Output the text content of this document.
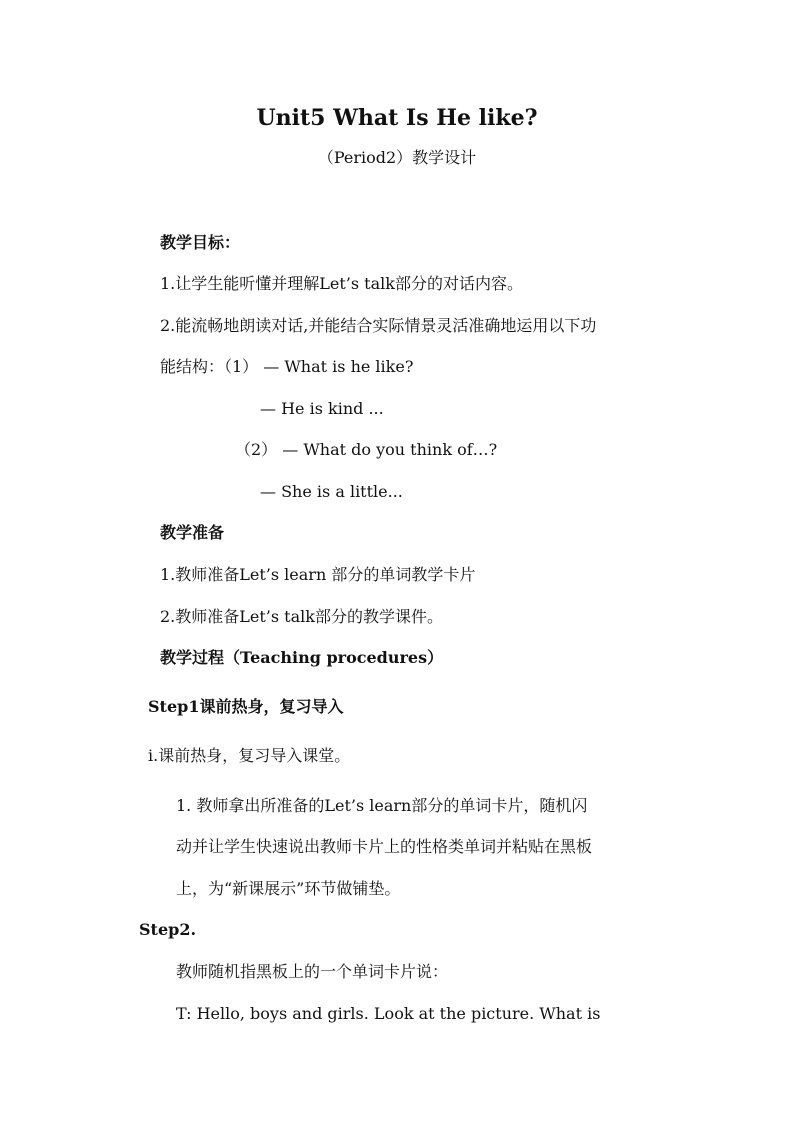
Unit5 What Is He like?
（Period2）教学设计
教学目标：
1.让学生能听懂并理解Let’s talk部分的对话内容。
2.能流畅地朗读对话,并能结合实际情景灵活准确地运用以下功
能结构：（1） — What is he like?
— He is kind ...
（2） — What do you think of…?
— She is a little...
教学准备
1.教师准备Let’s learn 部分的单词教学卡片
2.教师准备Let’s talk部分的教学课件。
教学过程（Teaching procedures）
Step1课前热身，复习导入
i.课前热身，复习导入课堂。
1. 教师拿出所准备的Let’s learn部分的单词卡片，随机闪
动并让学生快速说出教师卡片上的性格类单词并粘贴在黑板
上，为“新课展示”环节做铺垫。
Step2.
教师随机指黑板上的一个单词卡片说：
T: Hello, boys and girls. Look at the picture. What is
